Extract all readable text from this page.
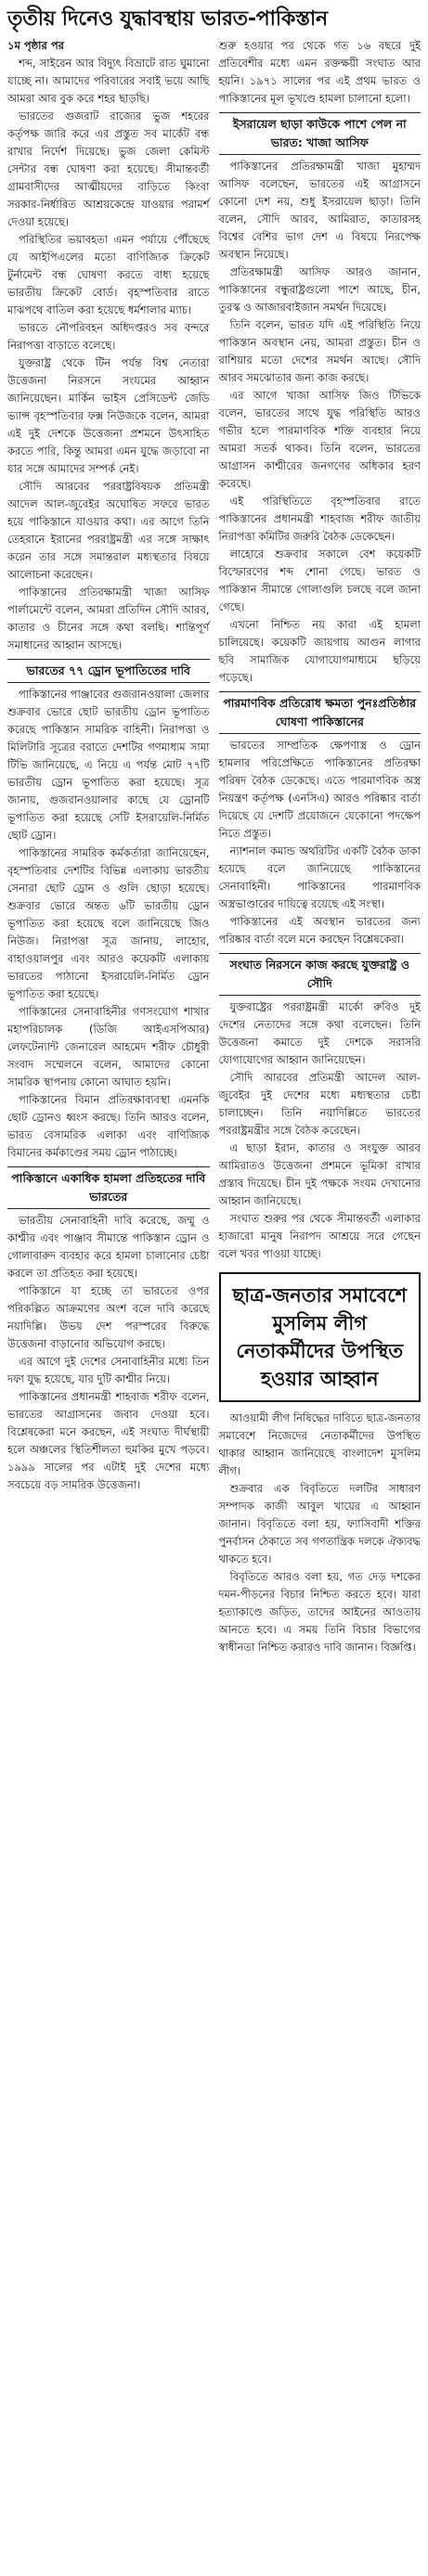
তৃতীয় দিনেও যুদ্ধাবস্থায় ভারত-পাকিস্তান

১ম পৃষ্ঠার পর

শব্দ, সাইরেন আর বিদ্যুৎ বিভ্রাটে রাত ঘুমানো যাচ্ছে না। আমাদের পরিবারের সবাই ভয়ে আছি আমরা আর বুক করে শহর ছাড়ছি।

ভারতের গুজরাট রাজ্যের ভুজ শহরের কর্তৃপক্ষ জারি করে এর প্রস্তুত সব মার্কেট বন্ধ রাখার নির্দেশ দিয়েছে। ভুজ জেলা কেমিস্ট সেন্টার বন্ধ ঘোষণা করা হয়েছে। সীমান্তবর্তী গ্রামবাসীদের আত্মীয়দের বাড়িতে কিংবা সরকার-নির্ধারিত আশ্রয়কেন্দ্রে যাওয়ার পরামর্শ দেওয়া হয়েছে।

পরিস্থিতির ভয়াবহতা এমন পর্যায়ে পৌঁছেছে যে আইপিএলের মতো বাণিজ্যিক ক্রিকেট টুর্নামেন্ট বন্ধ ঘোষণা করতে বাধ্য হয়েছে ভারতীয় ক্রিকেট বোর্ড। বৃহস্পতিবার রাতে মাঝপথে বাতিল করা হয়েছে ধর্মশালার ম্যাচ।

ভারতে নৌপরিবহন অধিদপ্তরও সব বন্দরে নিরাপত্তা বাড়াতে বলেছে।

যুক্তরাষ্ট্র থেকে টিন পর্যন্ত বিশ্ব নেতারা উত্তেজনা নিরসনে সংযমের আহ্বান জানিয়েছেন। মার্কিন ভাইস প্রেসিডেন্ট জেডি ভ্যান্স বৃহস্পতিবার ফক্স নিউজকে বলেন, আমরা এই দুই দেশকে উত্তেজনা প্রশমনে উৎসাহিত করতে পারি, কিন্তু আমরা এমন যুদ্ধে জড়াবো না যার সঙ্গে আমাদের সম্পর্ক নেই।

সৌদি আরবের পররাষ্ট্রবিষয়ক প্রতিমন্ত্রী আদেল আল-জুবেইর অঘোষিত সফরে ভারত হয়ে পাকিস্তানে যাওয়ার কথা। এর আগে তিনি তেহরানে ইরানের পররাষ্ট্রমন্ত্রী এর সঙ্গে সাক্ষাৎ করেন তার সঙ্গে সমান্তরাল মধ্যস্থতার বিষয়ে আলোচনা করেছেন।

পাকিস্তানের প্রতিরক্ষামন্ত্রী খাজা আসিফ পার্লামেন্টে বলেন, আমরা প্রতিদিন সৌদি আরব, কাতার ও চীনের সঙ্গে কথা বলছি। শান্তিপূর্ণ সমাধানের আহ্বান আসছে।

ভারতের ৭৭ ড্রোন ভূপাতিতের দাবি

পাকিস্তানের পাঞ্জাবের গুজরানওয়ালা জেলার শুক্রবার ভোরে ছোট ভারতীয় ড্রোন ভূপাতিত করেছে পাকিস্তান সামরিক বাহিনী। নিরাপত্তা ও মিলিটারি সূত্রের বরাতে দেশটির গণমাধ্যম সামা টিভি জানিয়েছে, এ নিয়ে এ পর্যন্ত মোট ৭৭টি ভারতীয় ড্রোন ভূপাতিত করা হয়েছে। সূত্র জানায়, গুজরানওয়ালার কাছে যে ড্রোনটি ভূপাতিত করা হয়েছে সেটি ইসরায়েলি-নির্মিত ছোট ড্রোন।

পাকিস্তানের সামরিক কর্মকর্তারা জানিয়েছেন, বৃহস্পতিবার দেশটির বিভিন্ন এলাকায় ভারতীয় সেনারা ছোট ড্রোন ও গুলি ছোড়া হয়েছে। শুক্রবার ভোরে অন্তত ৬টি ভারতীয় ড্রোন ভূপাতিত করা হয়েছে বলে জানিয়েছে জিও নিউজ। নিরাপত্তা সূত্র জানায়, লাহোর, বাহাওয়ালপুর এবং আরও কয়েকটি এলাকায় ভারতের পাঠানো ইসরায়েলি-নির্মিত ড্রোন ভূপাতিত করা হয়েছে।

পাকিস্তানের সেনাবাহিনীর গণসংযোগ শাখার মহাপরিচালক (ডিজি আইএসপিআর) লেফটেন্যান্ট জেনারেল আহমেদ শরীফ চৌধুরী সংবাদ সম্মেলনে বলেন, আমাদের কোনো সামরিক স্থাপনায় কোনো আঘাত হয়নি।

পাকিস্তানের বিমান প্রতিরক্ষাব্যবস্থা এমনকি ছোট ড্রোনও ধ্বংস করছে। তিনি আরও বলেন, ভারত বেসামরিক এলাকা এবং বাণিজ্যিক বিমানের কর্মকাণ্ডের সময় ড্রোন পাঠাচ্ছে।

পাকিস্তানে একাধিক হামলা প্রতিহতের দাবি ভারতের

ভারতীয় সেনাবাহিনী দাবি করেছে, জম্মু ও কাশ্মীর এবং পাঞ্জাব সীমান্তে পাকিস্তান ড্রোন ও গোলাবারুদ ব্যবহার করে হামলা চালানোর চেষ্টা করলে তা প্রতিহত করা হয়েছে।

পাকিস্তানে যা হচ্ছে তা ভারতের ওপর পরিকল্পিত আক্রমণের অংশ বলে দাবি করেছে নয়াদিল্লি। উভয় দেশ পরস্পরের বিরুদ্ধে উত্তেজনা বাড়ানোর অভিযোগ করছে।

এর আগে দুই দেশের সেনাবাহিনীর মধ্যে তিন দফা যুদ্ধ হয়েছে, যার দুটি কাশ্মীর নিয়ে।

পাকিস্তানের প্রধানমন্ত্রী শাহবাজ শরীফ বলেন, ভারতের আগ্রাসনের জবাব দেওয়া হবে। বিশ্লেষকেরা মনে করছেন, এই সংঘাত দীর্ঘস্থায়ী হলে অঞ্চলের স্থিতিশীলতা হুমকির মুখে পড়বে। ১৯৯৯ সালের পর এটাই দুই দেশের মধ্যে সবচেয়ে বড় সামরিক উত্তেজনা।

শুরু হওয়ার পর থেকে গত ১৬ বছরে দুই প্রতিবেশীর মধ্যে এমন রক্তক্ষয়ী সংঘাত আর হয়নি। ১৯৭১ সালের পর এই প্রথম ভারত ও পাকিস্তানের মূল ভূখণ্ডে হামলা চালানো হলো।

ইসরায়েল ছাড়া কাউকে পাশে পেল না ভারত: খাজা আসিফ

পাকিস্তানের প্রতিরক্ষামন্ত্রী খাজা মুহাম্মদ আসিফ বলেছেন, ভারতের এই আগ্রাসনে কোনো দেশ নয়, শুধু ইসরায়েল ছাড়া। তিনি বলেন, সৌদি আরব, আমিরাত, কাতারসহ বিশ্বের বেশির ভাগ দেশ এ বিষয়ে নিরপেক্ষ অবস্থান নিয়েছে।

প্রতিরক্ষামন্ত্রী আসিফ আরও জানান, পাকিস্তানের বন্ধুরাষ্ট্রগুলো পাশে আছে, চীন, তুরস্ক ও আজারবাইজান সমর্থন দিয়েছে।

তিনি বলেন, ভারত যদি এই পরিস্থিতি নিয়ে পাকিস্তান অবস্থান নেয়, আমরা প্রস্তুত। চীন ও রাশিয়ার মতো দেশের সমর্থন আছে। সৌদি আরব সমঝোতার জন্য কাজ করছে।

এর আগে খাজা আসিফ জিও টিভিকে বলেন, ভারতের সাথে যুদ্ধ পরিস্থিতি আরও গভীর হলে পারমাণবিক শক্তি ব্যবহার নিয়ে আমরা সতর্ক থাকব। তিনি বলেন, ভারতের আগ্রাসন কাশ্মীরের জনগণের অধিকার হরণ করেছে।

এই পরিস্থিতিতে বৃহস্পতিবার রাতে পাকিস্তানের প্রধানমন্ত্রী শাহবাজ শরীফ জাতীয় নিরাপত্তা কমিটির জরুরি বৈঠক ডেকেছেন।

লাহোরে শুক্রবার সকালে বেশ কয়েকটি বিস্ফোরণের শব্দ শোনা গেছে। ভারত ও পাকিস্তান সীমান্তে গোলাগুলি চলছে বলে জানা গেছে।

এখনো নিশ্চিত নয় কারা এই হামলা চালিয়েছে। কয়েকটি জায়গায় আগুন লাগার ছবি সামাজিক যোগাযোগমাধ্যমে ছড়িয়ে পড়েছে।

পারমাণবিক প্রতিরোধ ক্ষমতা পুনঃপ্রতিষ্ঠার ঘোষণা পাকিস্তানের

ভারতের সাম্প্রতিক ক্ষেপণাস্ত্র ও ড্রোন হামলার পরিপ্রেক্ষিতে পাকিস্তানের প্রতিরক্ষা পরিষদ বৈঠক ডেকেছে। এতে পারমাণবিক অস্ত্র নিয়ন্ত্রণ কর্তৃপক্ষ (এনসিএ) আরও পরিষ্কার বার্তা দিয়েছে যে দেশটি প্রয়োজনে যেকোনো পদক্ষেপ নিতে প্রস্তুত।

ন্যাশনাল কমান্ড অথরিটির একটি বৈঠক ডাকা হয়েছে বলে জানিয়েছে পাকিস্তানের সেনাবাহিনী। পাকিস্তানের পারমাণবিক অস্ত্রভাণ্ডারের দায়িত্বে রয়েছে এই সংস্থা।

পাকিস্তানের এই অবস্থান ভারতের জন্য পরিষ্কার বার্তা বলে মনে করছেন বিশ্লেষকেরা।

সংঘাত নিরসনে কাজ করছে যুক্তরাষ্ট্র ও সৌদি

যুক্তরাষ্ট্রের পররাষ্ট্রমন্ত্রী মার্কো রুবিও দুই দেশের নেতাদের সঙ্গে কথা বলেছেন। তিনি উত্তেজনা কমাতে দুই দেশকে সরাসরি যোগাযোগের আহ্বান জানিয়েছেন।

সৌদি আরবের প্রতিমন্ত্রী আদেল আল-জুবেইর দুই দেশের মধ্যে মধ্যস্থতার চেষ্টা চালাচ্ছেন। তিনি নয়াদিল্লিতে ভারতের পররাষ্ট্রমন্ত্রীর সঙ্গে বৈঠক করেছেন।

এ ছাড়া ইরান, কাতার ও সংযুক্ত আরব আমিরাতও উত্তেজনা প্রশমনে ভূমিকা রাখার প্রস্তাব দিয়েছে। চীন দুই পক্ষকে সংযম দেখানোর আহ্বান জানিয়েছে।

সংঘাত শুরুর পর থেকে সীমান্তবর্তী এলাকার হাজারো মানুষ নিরাপদ আশ্রয়ে সরে গেছেন বলে খবর পাওয়া যাচ্ছে।

ছাত্র-জনতার সমাবেশে মুসলিম লীগ নেতাকর্মীদের উপস্থিত হওয়ার আহ্বান

আওয়ামী লীগ নিষিদ্ধের দাবিতে ছাত্র-জনতার সমাবেশে নিজেদের নেতাকর্মীদের উপস্থিত থাকার আহ্বান জানিয়েছে বাংলাদেশ মুসলিম লীগ।

শুক্রবার এক বিবৃতিতে দলটির সাধারণ সম্পাদক কাজী আবুল খায়ের এ আহ্বান জানান। বিবৃতিতে বলা হয়, ফ্যাসিবাদী শক্তির পুনর্বাসন ঠেকাতে সব গণতান্ত্রিক দলকে ঐক্যবদ্ধ থাকতে হবে।

বিবৃতিতে আরও বলা হয়, গত দেড় দশকের দমন-পীড়নের বিচার নিশ্চিত করতে হবে। যারা হত্যাকাণ্ডে জড়িত, তাদের আইনের আওতায় আনতে হবে। এ সময় তিনি বিচার বিভাগের স্বাধীনতা নিশ্চিত করারও দাবি জানান। বিজ্ঞপ্তি।
